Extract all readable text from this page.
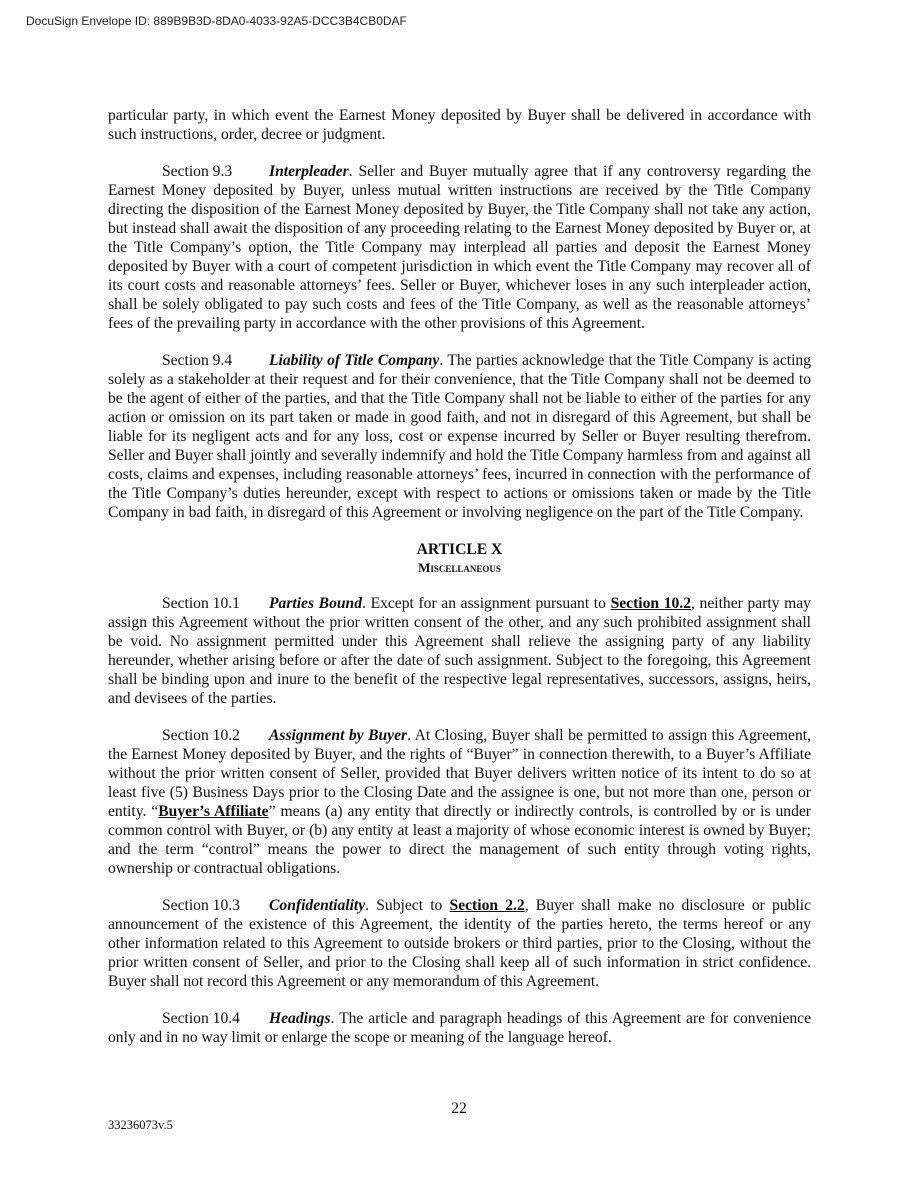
DocuSign Envelope ID: 889B9B3D-8DA0-4033-92A5-DCC3B4CB0DAF

particular party, in which event the Earnest Money deposited by Buyer shall be delivered in accordance with such instructions, order, decree or judgment.

Section 9.3 Interpleader. Seller and Buyer mutually agree that if any controversy regarding the Earnest Money deposited by Buyer, unless mutual written instructions are received by the Title Company directing the disposition of the Earnest Money deposited by Buyer, the Title Company shall not take any action, but instead shall await the disposition of any proceeding relating to the Earnest Money deposited by Buyer or, at the Title Company’s option, the Title Company may interplead all parties and deposit the Earnest Money deposited by Buyer with a court of competent jurisdiction in which event the Title Company may recover all of its court costs and reasonable attorneys’ fees. Seller or Buyer, whichever loses in any such interpleader action, shall be solely obligated to pay such costs and fees of the Title Company, as well as the reasonable attorneys’ fees of the prevailing party in accordance with the other provisions of this Agreement.

Section 9.4 Liability of Title Company. The parties acknowledge that the Title Company is acting solely as a stakeholder at their request and for their convenience, that the Title Company shall not be deemed to be the agent of either of the parties, and that the Title Company shall not be liable to either of the parties for any action or omission on its part taken or made in good faith, and not in disregard of this Agreement, but shall be liable for its negligent acts and for any loss, cost or expense incurred by Seller or Buyer resulting therefrom. Seller and Buyer shall jointly and severally indemnify and hold the Title Company harmless from and against all costs, claims and expenses, including reasonable attorneys’ fees, incurred in connection with the performance of the Title Company’s duties hereunder, except with respect to actions or omissions taken or made by the Title Company in bad faith, in disregard of this Agreement or involving negligence on the part of the Title Company.

ARTICLE X
Miscellaneous

Section 10.1 Parties Bound. Except for an assignment pursuant to Section 10.2, neither party may assign this Agreement without the prior written consent of the other, and any such prohibited assignment shall be void. No assignment permitted under this Agreement shall relieve the assigning party of any liability hereunder, whether arising before or after the date of such assignment. Subject to the foregoing, this Agreement shall be binding upon and inure to the benefit of the respective legal representatives, successors, assigns, heirs, and devisees of the parties.

Section 10.2 Assignment by Buyer. At Closing, Buyer shall be permitted to assign this Agreement, the Earnest Money deposited by Buyer, and the rights of “Buyer” in connection therewith, to a Buyer’s Affiliate without the prior written consent of Seller, provided that Buyer delivers written notice of its intent to do so at least five (5) Business Days prior to the Closing Date and the assignee is one, but not more than one, person or entity. “Buyer’s Affiliate” means (a) any entity that directly or indirectly controls, is controlled by or is under common control with Buyer, or (b) any entity at least a majority of whose economic interest is owned by Buyer; and the term “control” means the power to direct the management of such entity through voting rights, ownership or contractual obligations.

Section 10.3 Confidentiality. Subject to Section 2.2, Buyer shall make no disclosure or public announcement of the existence of this Agreement, the identity of the parties hereto, the terms hereof or any other information related to this Agreement to outside brokers or third parties, prior to the Closing, without the prior written consent of Seller, and prior to the Closing shall keep all of such information in strict confidence. Buyer shall not record this Agreement or any memorandum of this Agreement.

Section 10.4 Headings. The article and paragraph headings of this Agreement are for convenience only and in no way limit or enlarge the scope or meaning of the language hereof.

22
33236073v.5
